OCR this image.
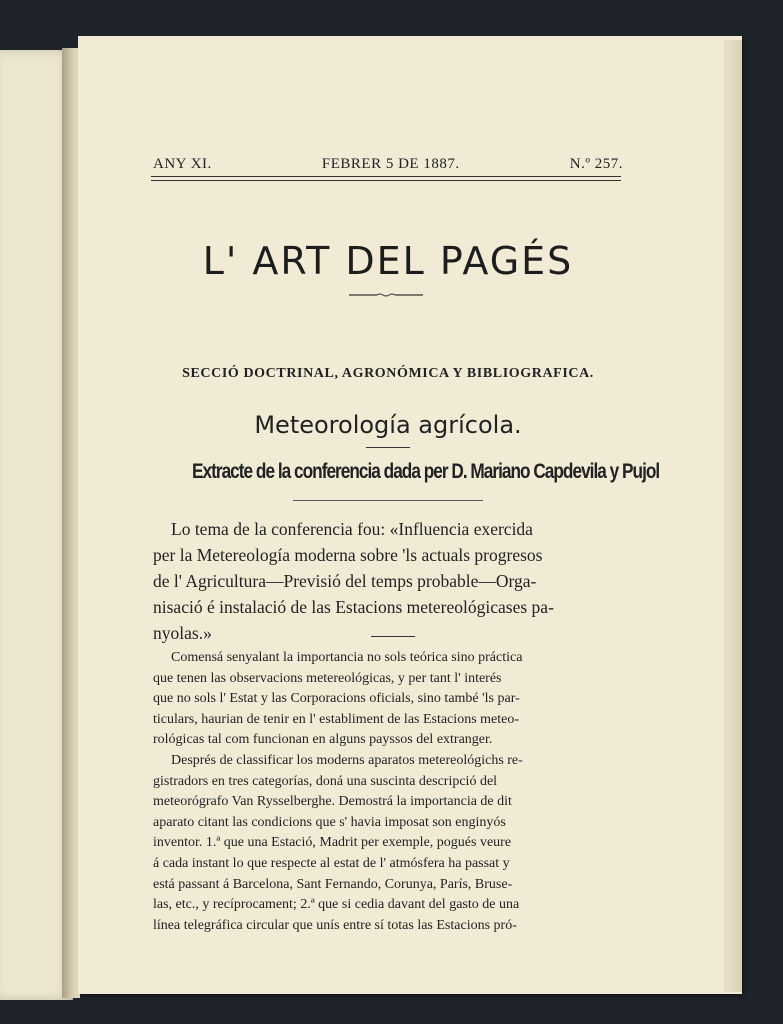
ANY XI.	FEBRER 5 DE 1887.	N.º 257.
L' ART DEL PAGÉS
SECCIÓ DOCTRINAL, AGRONÓMICA Y BIBLIOGRAFICA.
Meteorología agrícola.
Extracte de la conferencia dada per D. Mariano Capdevila y Pujol
Lo tema de la conferencia fou: «Influencia exercida
per la Metereología moderna sobre 'ls actuals progresos
de l' Agricultura—Previsió del temps probable—Orga-
nisació é instalació de las Estacions metereológicases pa-
nyolas.»
Comensá senyalant la importancia no sols teórica sino práctica
que tenen las observacions metereológicas, y per tant l' interés
que no sols l' Estat y las Corporacions oficials, sino també 'ls par-
ticulars, haurian de tenir en l' establiment de las Estacions meteo-
rológicas tal com funcionan en alguns payssos del extranger.
Després de classificar los moderns aparatos metereológichs re-
gistradors en tres categorías, doná una suscinta descripció del
meteorógrafo Van Rysselberghe. Demostrá la importancia de dit
aparato citant las condicions que s' havia imposat son enginyós
inventor. 1.ª que una Estació, Madrit per exemple, pogués veure
á cada instant lo que respecte al estat de l' atmósfera ha passat y
está passant á Barcelona, Sant Fernando, Corunya, París, Bruse-
las, etc., y recíprocament; 2.ª que si cedia davant del gasto de una
línea telegráfica circular que unís entre sí totas las Estacions pró-
